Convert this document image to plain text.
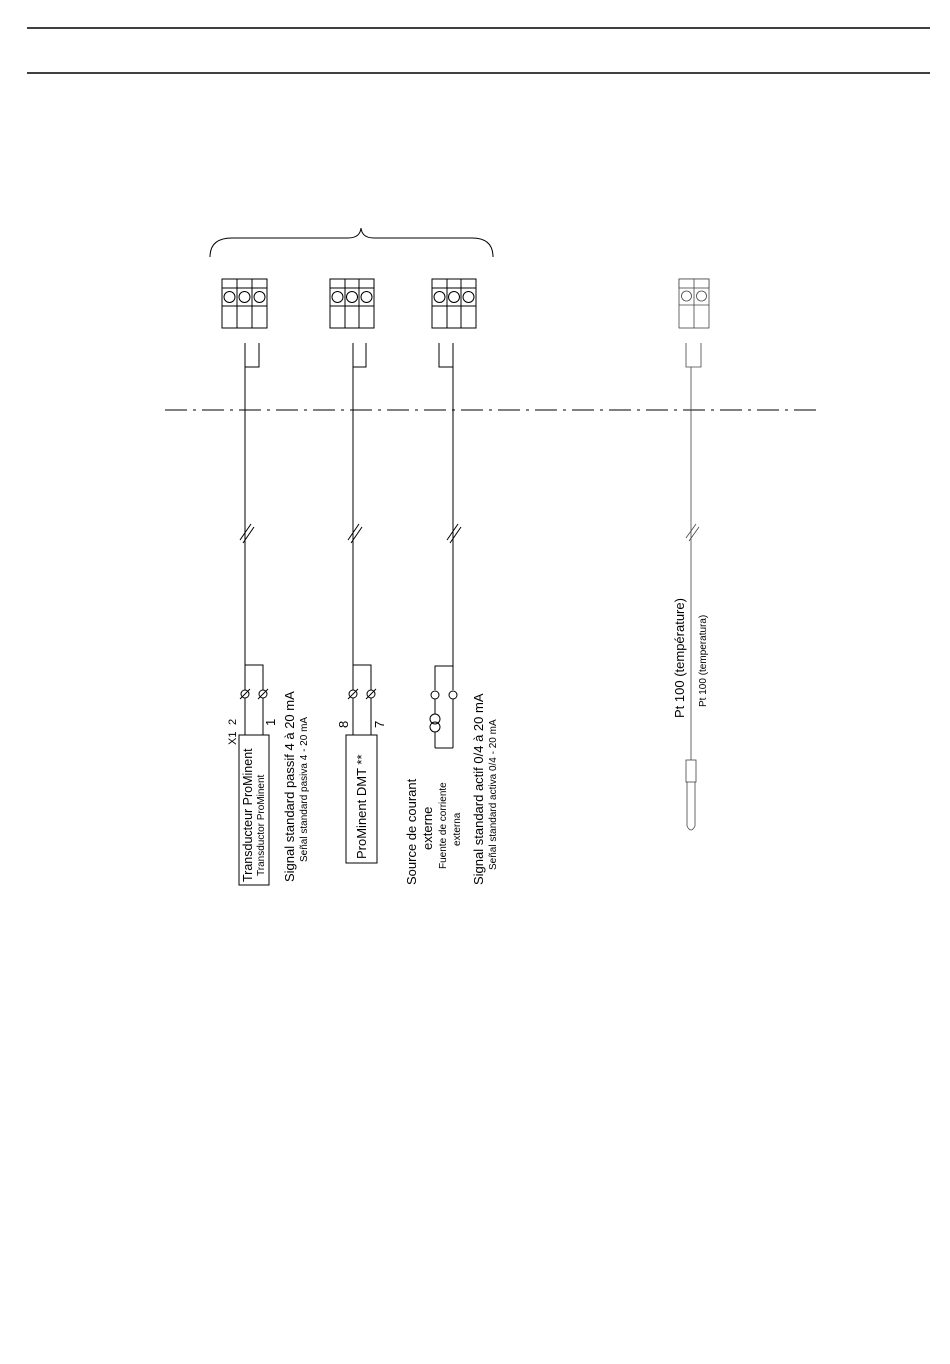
X1
2 1
Transducteur ProMinent Transductor ProMinent Signal standard passif 4 à 20 mA Señal standard pasiva 4 - 20 mA 8 7
ProMinent DMT **	Source de courant externe Fuente de corriente externa Signal standard actif 0/4 à 20 mA Señal standard activa 0/4 - 20 mA
Pt 100 (température) Pt 100 (temperatura)
